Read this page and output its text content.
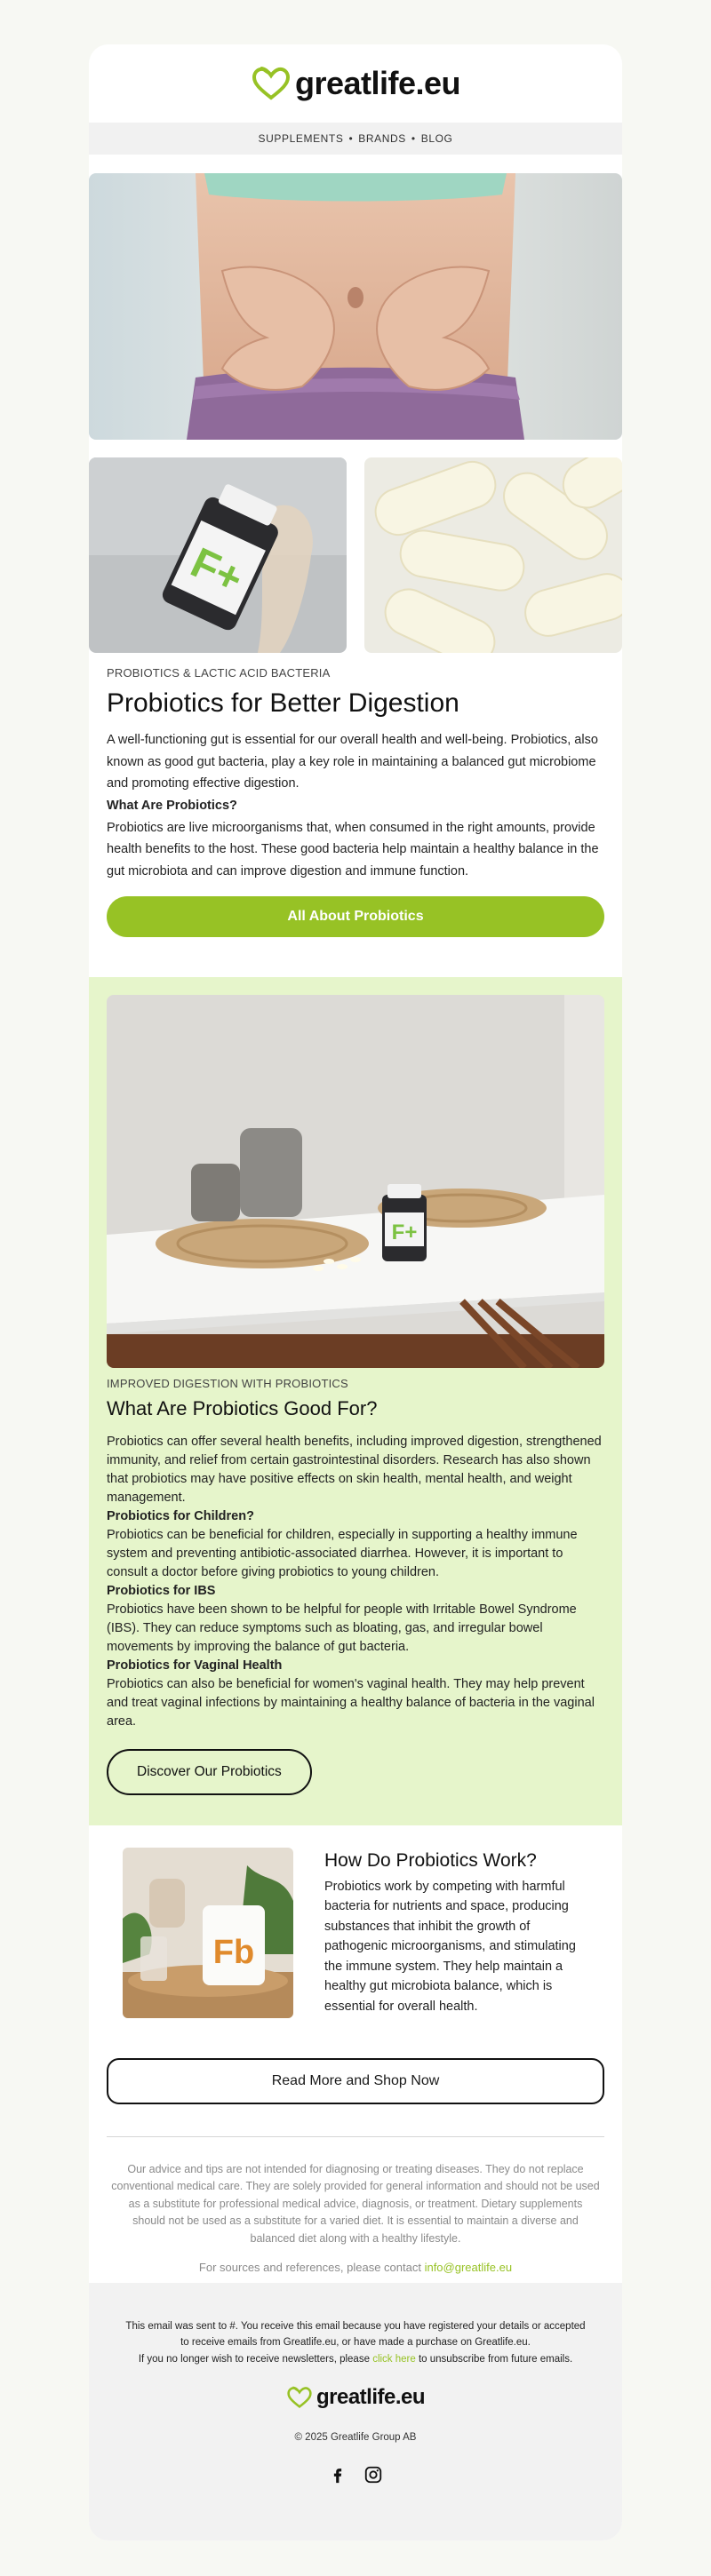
greatlife.eu
SUPPLEMENTS • BRANDS • BLOG
F+
PROBIOTICS & LACTIC ACID BACTERIA
Probiotics for Better Digestion

A well-functioning gut is essential for our overall health and well-being. Probiotics, also known as good gut bacteria, play a key role in maintaining a balanced gut microbiome and promoting effective digestion.

What Are Probiotics?

Probiotics are live microorganisms that, when consumed in the right amounts, provide health benefits to the host. These good bacteria help maintain a healthy balance in the gut microbiota and can improve digestion and immune function.

All About Probiotics
F+
IMPROVED DIGESTION WITH PROBIOTICS
What Are Probiotics Good For?

Probiotics can offer several health benefits, including improved digestion, strengthened immunity, and relief from certain gastrointestinal disorders. Research has also shown that probiotics may have positive effects on skin health, mental health, and weight management.

Probiotics for Children?

Probiotics can be beneficial for children, especially in supporting a healthy immune system and preventing antibiotic-associated diarrhea. However, it is important to consult a doctor before giving probiotics to young children.

Probiotics for IBS

Probiotics have been shown to be helpful for people with Irritable Bowel Syndrome (IBS). They can reduce symptoms such as bloating, gas, and irregular bowel movements by improving the balance of gut bacteria.

Probiotics for Vaginal Health

Probiotics can also be beneficial for women's vaginal health. They may help prevent and treat vaginal infections by maintaining a healthy balance of bacteria in the vaginal area.

Discover Our Probiotics
Fb
How Do Probiotics Work?

Probiotics work by competing with harmful bacteria for nutrients and space, producing substances that inhibit the growth of pathogenic microorganisms, and stimulating the immune system. They help maintain a healthy gut microbiota balance, which is essential for overall health.

Read More and Shop Now
Our advice and tips are not intended for diagnosing or treating diseases. They do not replace conventional medical care. They are solely provided for general information and should not be used as a substitute for professional medical advice, diagnosis, or treatment. Dietary supplements should not be used as a substitute for a varied diet. It is essential to maintain a diverse and balanced diet along with a healthy lifestyle.
For sources and references, please contact info@greatlife.eu
This email was sent to #. You receive this email because you have registered your details or accepted to receive emails from Greatlife.eu, or have made a purchase on Greatlife.eu.
If you no longer wish to receive newsletters, please click here to unsubscribe from future emails.
greatlife.eu
© 2025 Greatlife Group AB
